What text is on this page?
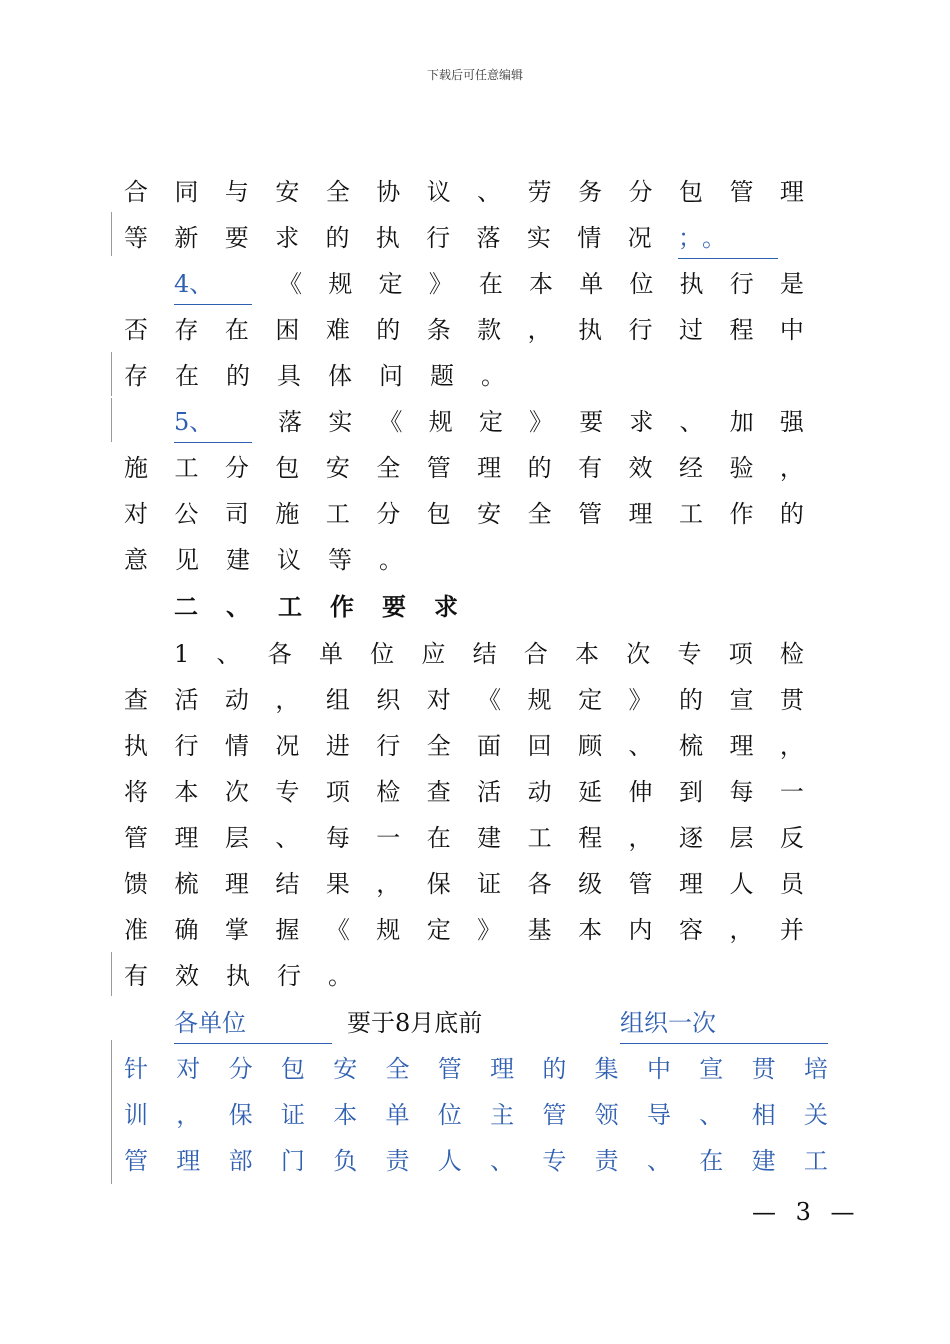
下载后可任意编辑
合 同 与 安 全 协 议 、 劳 务 分 包 管 理
等 新 要 求 的 执 行 落 实 情 况 ；。
4、	《 规 定 》 在 本 单 位 执 行 是
否 存 在 困 难 的 条 款 ， 执 行 过 程 中
存 在 的 具 体 问 题 。
5、	落 实 《 规 定 》 要 求 、 加 强
施 工 分 包 安 全 管 理 的 有 效 经 验 ，
对 公 司 施 工 分 包 安 全 管 理 工 作 的
意 见 建 议 等 。
二 、 工 作 要 求
1 、 各 单 位 应 结 合 本 次 专 项 检
查 活 动 ， 组 织 对 《 规 定 》 的 宣 贯
执 行 情 况 进 行 全 面 回 顾 、 梳 理 ，
将 本 次 专 项 检 查 活 动 延 伸 到 每 一
管 理 层 、 每 一 在 建 工 程 ， 逐 层 反
馈 梳 理 结 果 ， 保 证 各 级 管 理 人 员
准 确 掌 握 《 规 定 》 基 本 内 容 ， 并
有 效 执 行 。
各单位	要于8月底前	组织一次
针 对 分 包 安 全 管 理 的 集 中 宣 贯 培
训 ， 保 证 本 单 位 主 管 领 导 、 相 关
管 理 部 门 负 责 人 、 专 责 、 在 建 工
— 3 —
